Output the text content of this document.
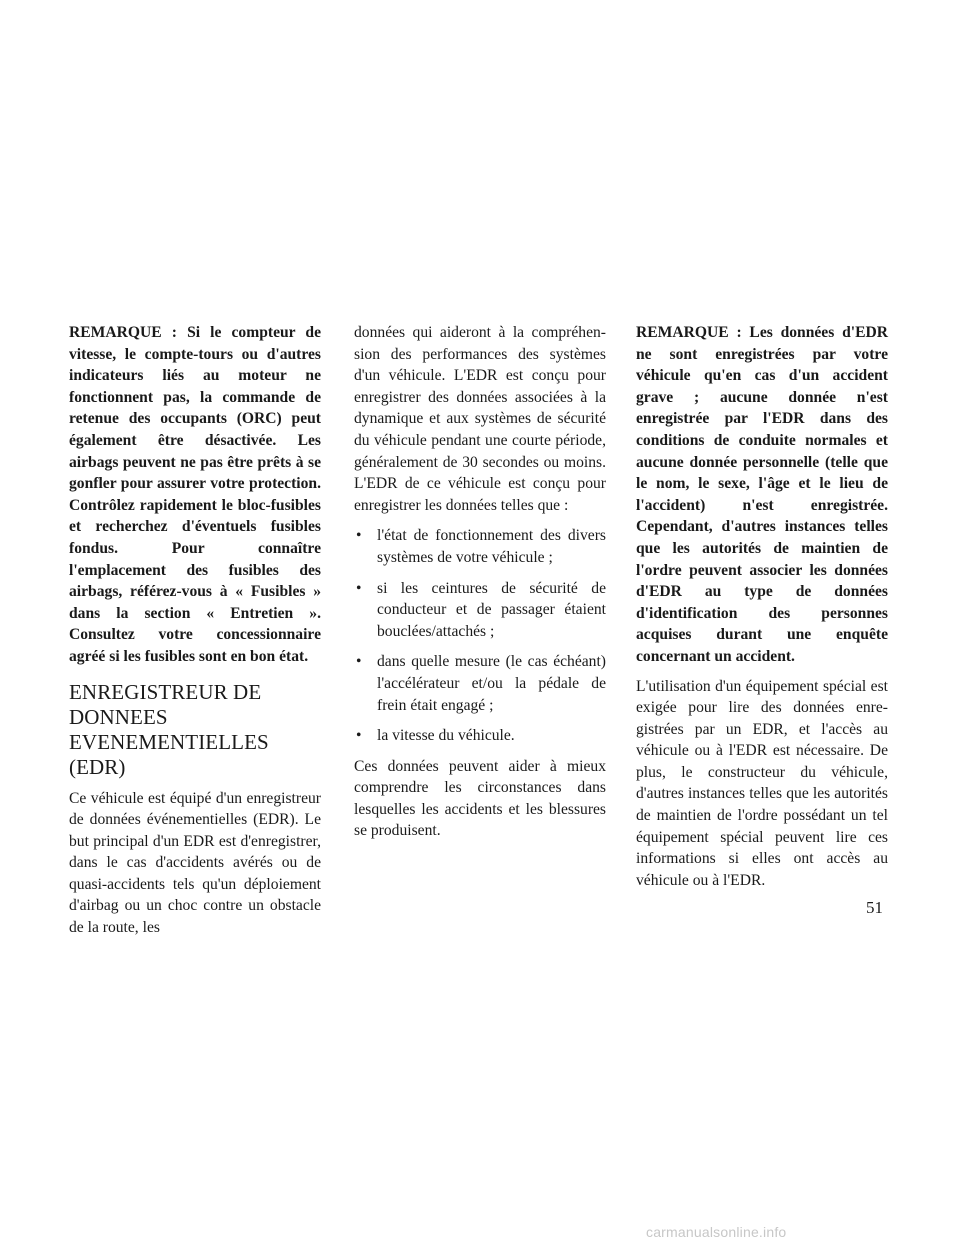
REMARQUE : Si le compteur de vitesse, le compte-tours ou d'autres indicateurs liés au moteur ne fonctionnent pas, la commande de retenue des occupants (ORC) peut également être désactivée. Les airbags peuvent ne pas être prêts à se gonfler pour assurer votre protection. Contrôlez rapidement le bloc-fusibles et recherchez d'éventuels fusibles fondus. Pour connaître l'emplacement des fusibles des airbags, référez-vous à « Fusibles » dans la section « Entretien ». Consultez votre concessionnaire agréé si les fusibles sont en bon état.

ENREGISTREUR DE
DONNEES
EVENEMENTIELLES (EDR)

Ce véhicule est équipé d'un enregistreur de données événementielles (EDR). Le but principal d'un EDR est d'enregistrer, dans le cas d'accidents avérés ou de quasi-accidents tels qu'un déploiement d'airbag ou un choc contre un obstacle de la route, les

données qui aideront à la compréhension des performances des systèmes d'un véhicule. L'EDR est conçu pour enregistrer des données associées à la dynamique et aux systèmes de sécurité du véhicule pendant une courte période, généralement de 30 secondes ou moins. L'EDR de ce véhicule est conçu pour enregistrer les données telles que :

• l'état de fonctionnement des divers systèmes de votre véhicule ;
• si les ceintures de sécurité de conducteur et de passager étaient bouclées/attachés ;
• dans quelle mesure (le cas échéant) l'accélérateur et/ou la pédale de frein était engagé ;
• la vitesse du véhicule.

Ces données peuvent aider à mieux comprendre les circonstances dans lesquelles les accidents et les blessures se produisent.

REMARQUE : Les données d'EDR ne sont enregistrées par votre véhicule qu'en cas d'un accident grave ; aucune donnée n'est enregistrée par l'EDR dans des conditions de conduite normales et aucune donnée personnelle (telle que le nom, le sexe, l'âge et le lieu de l'accident) n'est enregistrée. Cependant, d'autres instances telles que les autorités de maintien de l'ordre peuvent associer les données d'EDR au type de données d'identification des personnes acquises durant une enquête concernant un accident.

L'utilisation d'un équipement spécial est exigée pour lire des données enregistrées par un EDR, et l'accès au véhicule ou à l'EDR est nécessaire. De plus, le constructeur du véhicule, d'autres instances telles que les autorités de maintien de l'ordre possédant un tel équipement spécial peuvent lire ces informations si elles ont accès au véhicule ou à l'EDR.

51
carmanualsonline.info
